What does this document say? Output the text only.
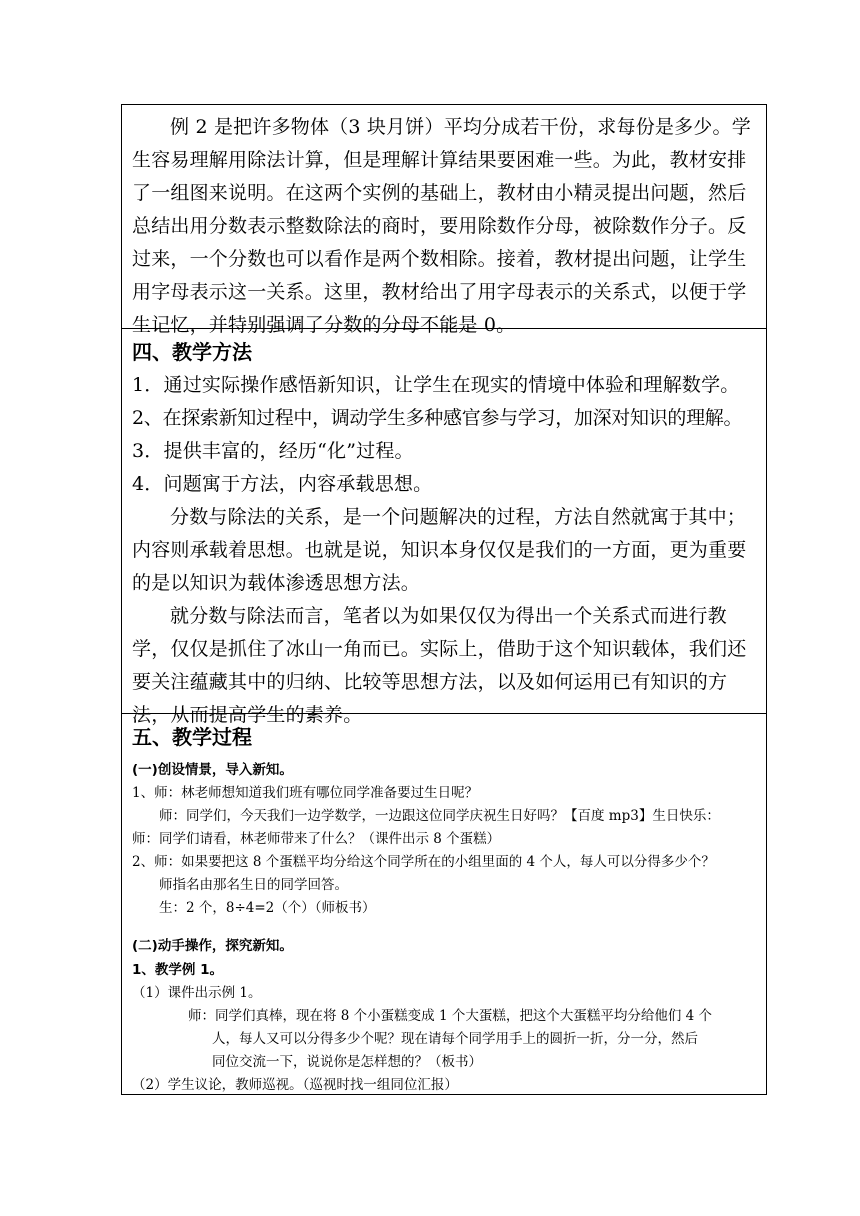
例 2 是把许多物体（3 块月饼）平均分成若干份，求每份是多少。学生容易理解用除法计算，但是理解计算结果要困难一些。为此，教材安排了一组图来说明。在这两个实例的基础上，教材由小精灵提出问题，然后总结出用分数表示整数除法的商时，要用除数作分母，被除数作分子。反过来，一个分数也可以看作是两个数相除。接着，教材提出问题，让学生用字母表示这一关系。这里，教材给出了用字母表示的关系式，以便于学生记忆，并特别强调了分数的分母不能是 0。

四、教学方法

1．通过实际操作感悟新知识，让学生在现实的情境中体验和理解数学。

2、在探索新知过程中，调动学生多种感官参与学习，加深对知识的理解。

3．提供丰富的，经历“化”过程。

4．问题寓于方法，内容承载思想。

分数与除法的关系，是一个问题解决的过程，方法自然就寓于其中；内容则承载着思想。也就是说，知识本身仅仅是我们的一方面，更为重要的是以知识为载体渗透思想方法。

就分数与除法而言，笔者以为如果仅仅为得出一个关系式而进行教学，仅仅是抓住了冰山一角而已。实际上，借助于这个知识载体，我们还要关注蕴藏其中的归纳、比较等思想方法，以及如何运用已有知识的方法，从而提高学生的素养。

五、教学过程

(一)创设情景，导入新知。

1、师：林老师想知道我们班有哪位同学准备要过生日呢？

师：同学们，今天我们一边学数学，一边跟这位同学庆祝生日好吗？【百度 mp3】生日快乐：

师：同学们请看，林老师带来了什么？（课件出示 8 个蛋糕）

2、师：如果要把这 8 个蛋糕平均分给这个同学所在的小组里面的 4 个人，每人可以分得多少个？

师指名由那名生日的同学回答。

生：2 个，8÷4=2（个）（师板书）

(二)动手操作，探究新知。

1、教学例 1。

（1）课件出示例 1。

师：同学们真棒，现在将 8 个小蛋糕变成 1 个大蛋糕，把这个大蛋糕平均分给他们 4 个

人，每人又可以分得多少个呢？现在请每个同学用手上的圆折一折，分一分，然后

同位交流一下，说说你是怎样想的？（板书）

（2）学生议论，教师巡视。（巡视时找一组同位汇报）
